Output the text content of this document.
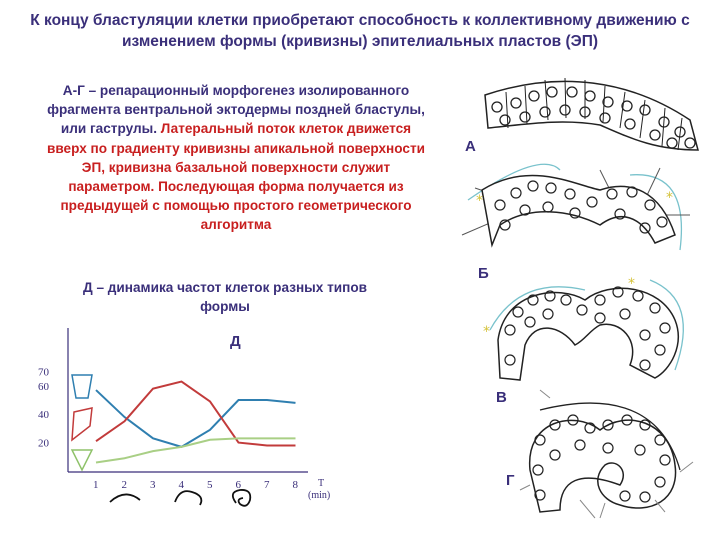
К концу бластуляции клетки приобретают способность к коллективному движению с изменением формы (кривизны) эпителиальных пластов (ЭП)
А-Г – репарационный морфогенез изолированного фрагмента вентральной эктодермы поздней бластулы, или гаструлы. Латеральный поток клеток движется вверх по градиенту кривизны апикальной поверхности ЭП, кривизна базальной поверхности служит параметром. Последующая форма получается из предыдущей с помощью простого геометрического алгоритма
Д – динамика частот клеток разных типов формы
А
Б
В
Г
*	*
*
*
20
40
60
70
1 2 3 4 5 6 7 8
Д
T
(min)
